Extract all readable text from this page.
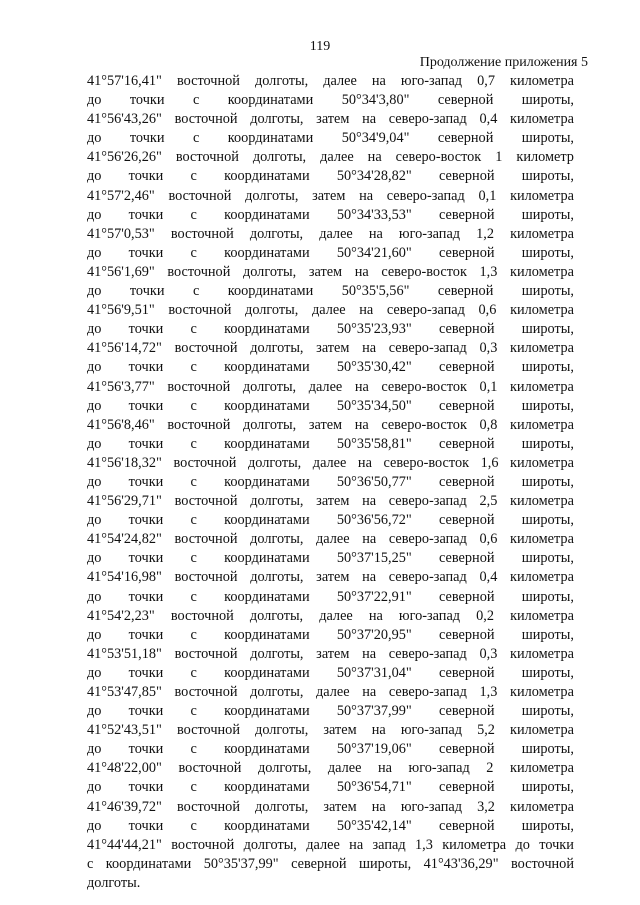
119
Продолжение приложения 5
41°57'16,41" восточной долготы, далее на юго-запад 0,7 километра
до точки с координатами 50°34'3,80" северной широты,
41°56'43,26" восточной долготы, затем на северо-запад 0,4 километра
до точки с координатами 50°34'9,04" северной широты,
41°56'26,26" восточной долготы, далее на северо-восток 1 километр
до точки с координатами 50°34'28,82" северной широты,
41°57'2,46" восточной долготы, затем на северо-запад 0,1 километра
до точки с координатами 50°34'33,53" северной широты,
41°57'0,53" восточной долготы, далее на юго-запад 1,2 километра
до точки с координатами 50°34'21,60" северной широты,
41°56'1,69" восточной долготы, затем на северо-восток 1,3 километра
до точки с координатами 50°35'5,56" северной широты,
41°56'9,51" восточной долготы, далее на северо-запад 0,6 километра
до точки с координатами 50°35'23,93" северной широты,
41°56'14,72" восточной долготы, затем на северо-запад 0,3 километра
до точки с координатами 50°35'30,42" северной широты,
41°56'3,77" восточной долготы, далее на северо-восток 0,1 километра
до точки с координатами 50°35'34,50" северной широты,
41°56'8,46" восточной долготы, затем на северо-восток 0,8 километра
до точки с координатами 50°35'58,81" северной широты,
41°56'18,32" восточной долготы, далее на северо-восток 1,6 километра
до точки с координатами 50°36'50,77" северной широты,
41°56'29,71" восточной долготы, затем на северо-запад 2,5 километра
до точки с координатами 50°36'56,72" северной широты,
41°54'24,82" восточной долготы, далее на северо-запад 0,6 километра
до точки с координатами 50°37'15,25" северной широты,
41°54'16,98" восточной долготы, затем на северо-запад 0,4 километра
до точки с координатами 50°37'22,91" северной широты,
41°54'2,23" восточной долготы, далее на юго-запад 0,2 километра
до точки с координатами 50°37'20,95" северной широты,
41°53'51,18" восточной долготы, затем на северо-запад 0,3 километра
до точки с координатами 50°37'31,04" северной широты,
41°53'47,85" восточной долготы, далее на северо-запад 1,3 километра
до точки с координатами 50°37'37,99" северной широты,
41°52'43,51" восточной долготы, затем на юго-запад 5,2 километра
до точки с координатами 50°37'19,06" северной широты,
41°48'22,00" восточной долготы, далее на юго-запад 2 километра
до точки с координатами 50°36'54,71" северной широты,
41°46'39,72" восточной долготы, затем на юго-запад 3,2 километра
до точки с координатами 50°35'42,14" северной широты,
41°44'44,21" восточной долготы, далее на запад 1,3 километра до точки
с координатами 50°35'37,99" северной широты, 41°43'36,29" восточной
долготы.
